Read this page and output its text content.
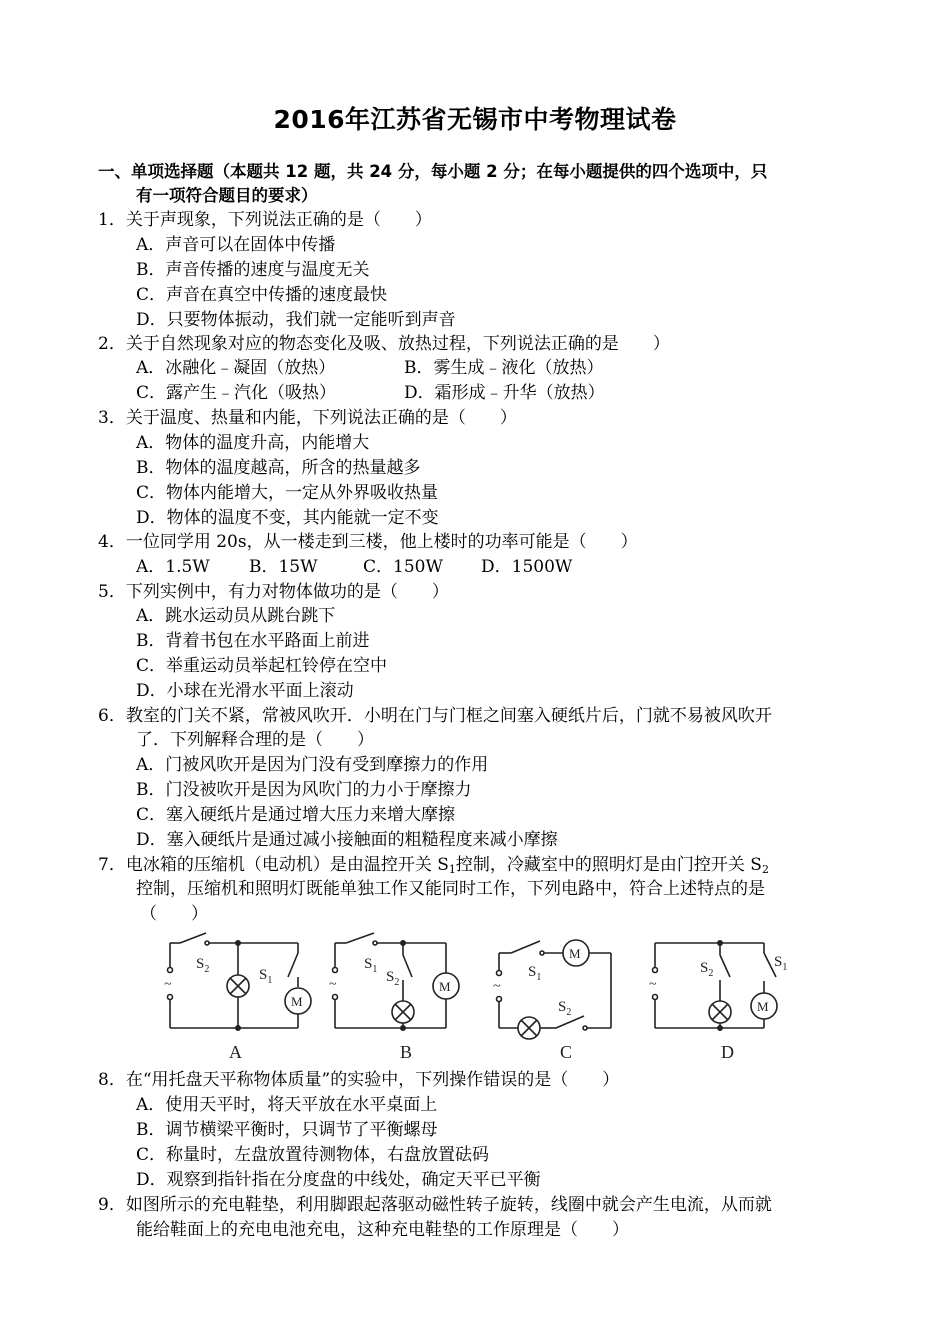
2016年江苏省无锡市中考物理试卷
一、单项选择题（本题共 12 题，共 24 分，每小题 2 分；在每小题提供的四个选项中，只
有一项符合题目的要求）
1．关于声现象，下列说法正确的是（　　）
A．声音可以在固体中传播
B．声音传播的速度与温度无关
C．声音在真空中传播的速度最快
D．只要物体振动，我们就一定能听到声音
2．关于自然现象对应的物态变化及吸、放热过程，下列说法正确的是　　）
A．冰融化﹣凝固（放热）	B．雾生成﹣液化（放热）
C．露产生﹣汽化（吸热）	D．霜形成﹣升华（放热）
3．关于温度、热量和内能，下列说法正确的是（　　）
A．物体的温度升高，内能增大
B．物体的温度越高，所含的热量越多
C．物体内能增大，一定从外界吸收热量
D．物体的温度不变，其内能就一定不变
4．一位同学用 20s，从一楼走到三楼，他上楼时的功率可能是（　　）
A．1.5W B．15W	C．150W D．1500W
5．下列实例中，有力对物体做功的是（　　）
A．跳水运动员从跳台跳下
B．背着书包在水平路面上前进
C．举重运动员举起杠铃停在空中
D．小球在光滑水平面上滚动
6．教室的门关不紧，常被风吹开．小明在门与门框之间塞入硬纸片后，门就不易被风吹开
了．下列解释合理的是（　　）
A．门被风吹开是因为门没有受到摩擦力的作用
B．门没被吹开是因为风吹门的力小于摩擦力
C．塞入硬纸片是通过增大压力来增大摩擦
D．塞入硬纸片是通过减小接触面的粗糙程度来减小摩擦
7．电冰箱的压缩机（电动机）是由温控开关 $S_1$控制，冷藏室中的照明灯是由门控开关 $S_2$
控制，压缩机和照明灯既能单独工作又能同时工作，下列电路中，符合上述特点的是
（　　）
$S_2$	$S_1$
M
~
A
$S_1$ $S_2$	M
~
B
$S_1$
$S_2$
M
~
C
$S_2$
$S_1$
M
~
D
8．在“用托盘天平称物体质量”的实验中，下列操作错误的是（　　）
A．使用天平时，将天平放在水平桌面上
B．调节横梁平衡时，只调节了平衡螺母
C．称量时，左盘放置待测物体，右盘放置砝码
D．观察到指针指在分度盘的中线处，确定天平已平衡
9．如图所示的充电鞋垫，利用脚跟起落驱动磁性转子旋转，线圈中就会产生电流，从而就
能给鞋面上的充电电池充电，这种充电鞋垫的工作原理是（　　）
